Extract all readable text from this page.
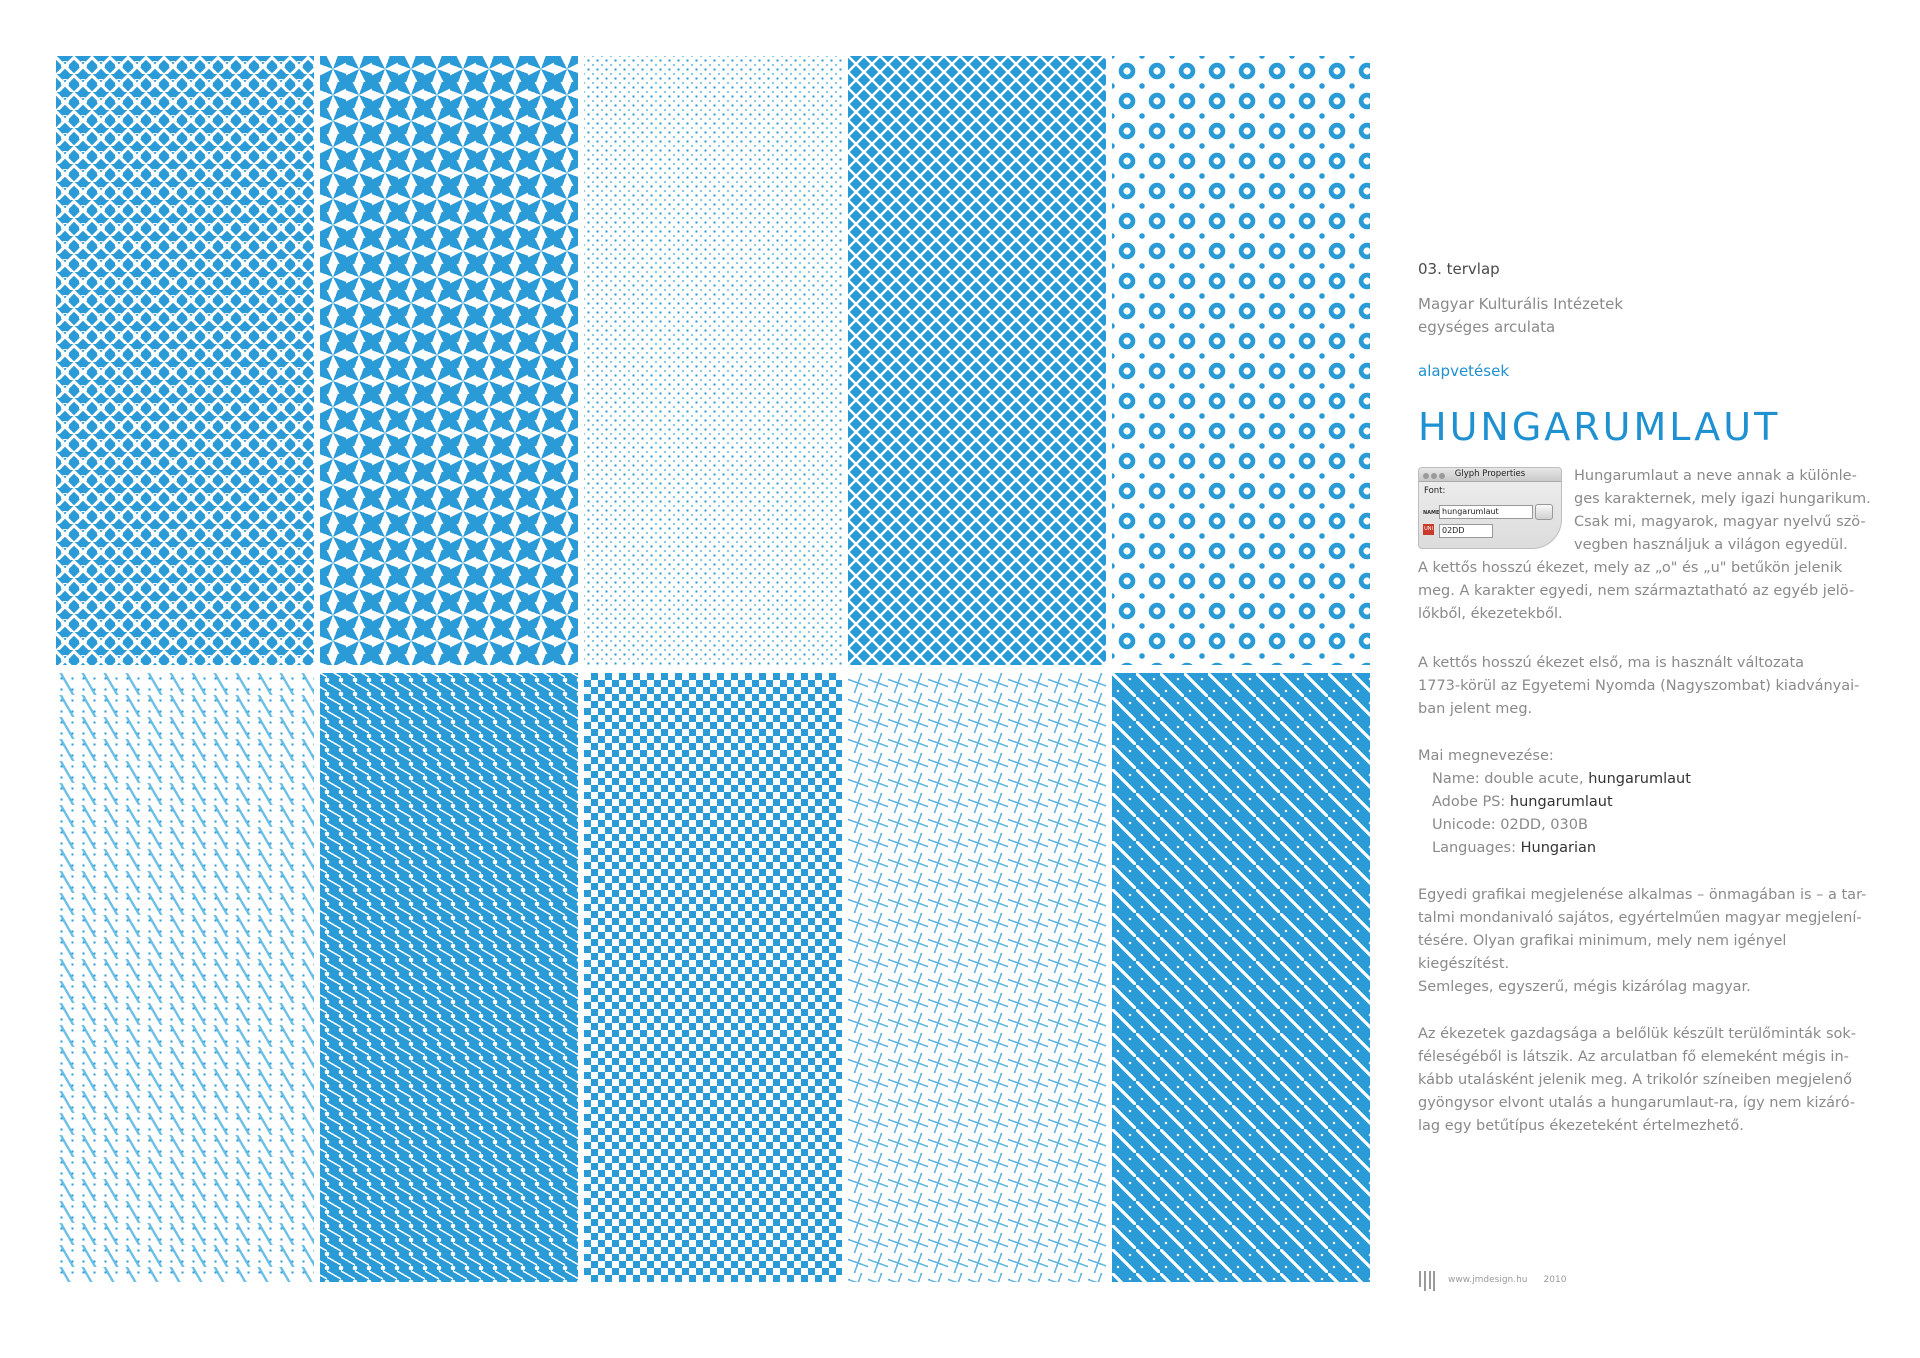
03. tervlap
Magyar Kulturális Intézetek
egységes arculata
alapvetések
HUNGARUMLAUT
Glyph Properties
Font:
NAME hungarumlaut
UNI	02DD
Hungarumlaut a neve annak a különle-
ges karakternek, mely igazi hungarikum.
Csak mi, magyarok, magyar nyelvű szö-
vegben használjuk a világon egyedül.
A kettős hosszú ékezet, mely az „o" és „u" betűkön jelenik
meg. A karakter egyedi, nem származtatható az egyéb jelö-
lőkből, ékezetekből.
A kettős hosszú ékezet első, ma is használt változata
1773-körül az Egyetemi Nyomda (Nagyszombat) kiadványai-
ban jelent meg.
Mai megnevezése:
Name: double acute, hungarumlaut
Adobe PS: hungarumlaut
Unicode: 02DD, 030B
Languages: Hungarian
Egyedi grafikai megjelenése alkalmas – önmagában is – a tar-
talmi mondanivaló sajátos, egyértelműen magyar megjelení-
tésére. Olyan grafikai minimum, mely nem igényel kiegészítést.
Semleges, egyszerű, mégis kizárólag magyar.
Az ékezetek gazdagsága a belőlük készült terülőminták sok-
féleségéből is látszik. Az arculatban fő elemeként mégis in-
kább utalásként jelenik meg. A trikolór színeiben megjelenő
gyöngysor elvont utalás a hungarumlaut-ra, így nem kizáró-
lag egy betűtípus ékezeteként értelmezhető.
www.jmdesign.hu 2010
